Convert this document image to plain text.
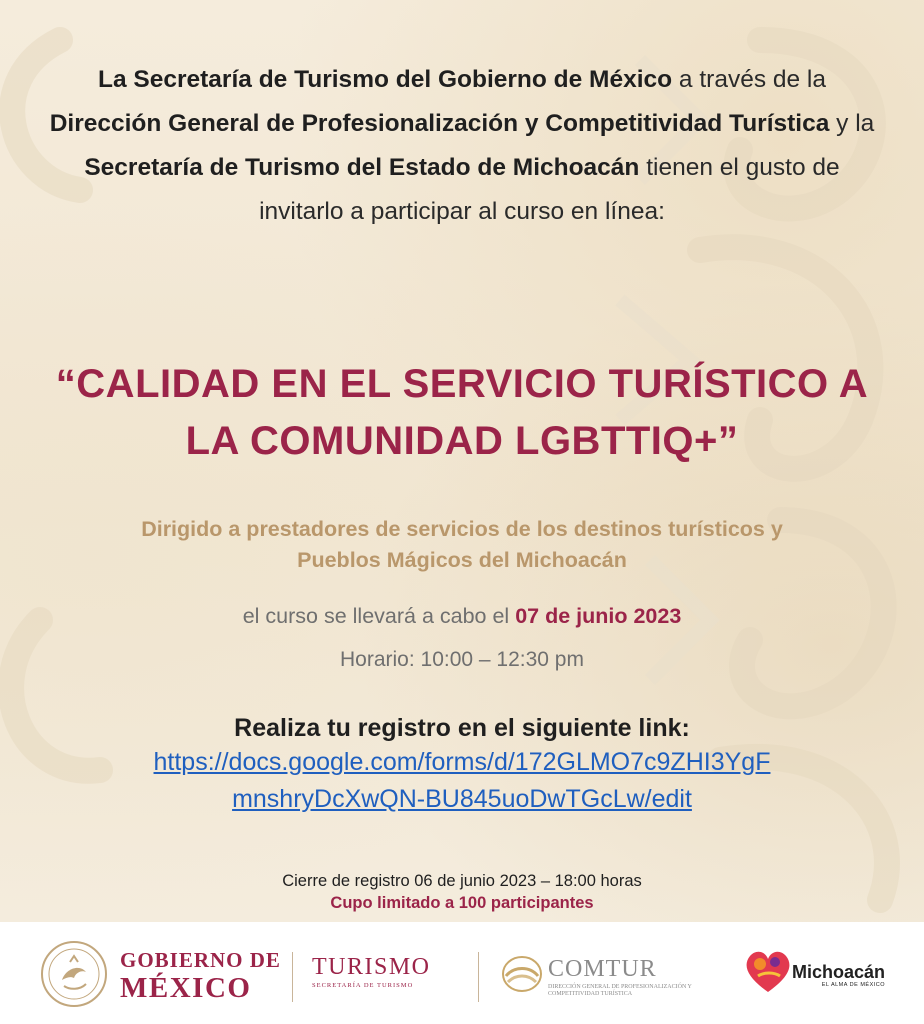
La Secretaría de Turismo del Gobierno de México a través de la Dirección General de Profesionalización y Competitividad Turística y la Secretaría de Turismo del Estado de Michoacán tienen el gusto de invitarlo a participar al curso en línea:
“CALIDAD EN EL SERVICIO TURÍSTICO A
LA COMUNIDAD LGBTTIQ+”
Dirigido a prestadores de servicios de los destinos turísticos y
Pueblos Mágicos del Michoacán
el curso se llevará a cabo el 07 de junio 2023
Horario: 10:00 – 12:30 pm
Realiza tu registro en el siguiente link:
https://docs.google.com/forms/d/172GLMO7c9ZHI3YgF
mnshryDcXwQN-BU845uoDwTGcLw/edit
Cierre de registro 06 de junio 2023 – 18:00 horas
Cupo limitado a 100 participantes
GOBIERNO DE
MÉXICO
TURISMO
SECRETARÍA DE TURISMO
COMTUR
DIRECCIÓN GENERAL DE PROFESIONALIZACIÓN Y COMPETITIVIDAD TURÍSTICA
Michoacán
EL ALMA DE MÉXICO
